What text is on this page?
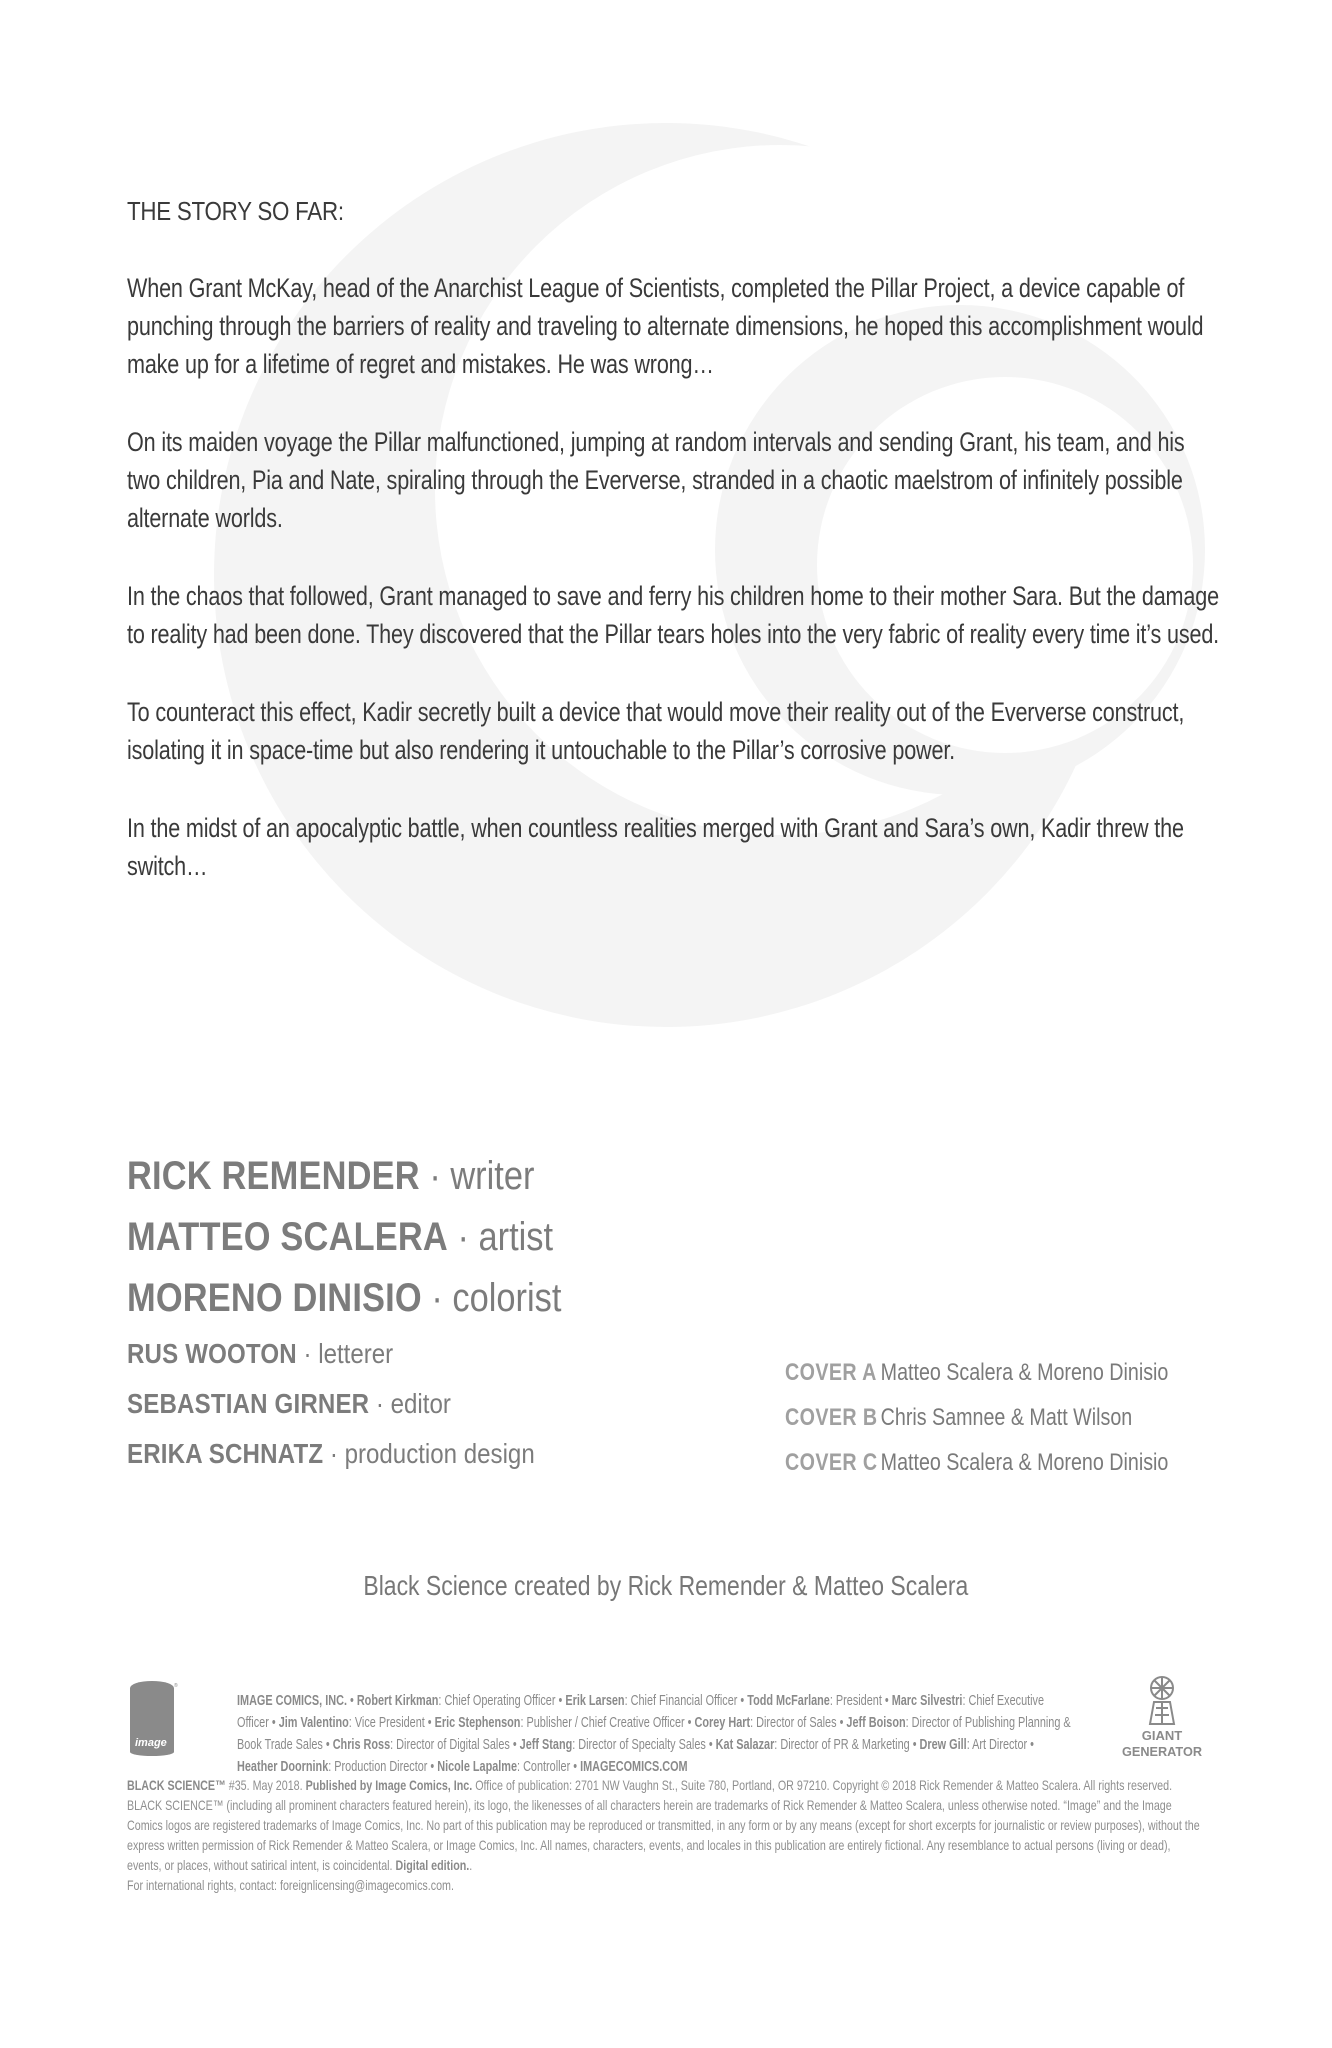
THE STORY SO FAR:

When Grant McKay, head of the Anarchist League of Scientists, completed the Pillar Project, a device capable of punching through the barriers of reality and traveling to alternate dimensions, he hoped this accomplishment would make up for a lifetime of regret and mistakes. He was wrong…

On its maiden voyage the Pillar malfunctioned, jumping at random intervals and sending Grant, his team, and his two children, Pia and Nate, spiraling through the Eververse, stranded in a chaotic maelstrom of infinitely possible alternate worlds.

In the chaos that followed, Grant managed to save and ferry his children home to their mother Sara. But the damage to reality had been done. They discovered that the Pillar tears holes into the very fabric of reality every time it’s used.

To counteract this effect, Kadir secretly built a device that would move their reality out of the Eververse construct, isolating it in space-time but also rendering it untouchable to the Pillar’s corrosive power.

In the midst of an apocalyptic battle, when countless realities merged with Grant and Sara’s own, Kadir threw the switch…

RICK REMENDER · writer
MATTEO SCALERA · artist
MORENO DINISIO · colorist
RUS WOOTON · letterer
SEBASTIAN GIRNER · editor
ERIKA SCHNATZ · production design
COVER A Matteo Scalera & Moreno Dinisio
COVER B Chris Samnee & Matt Wilson
COVER C Matteo Scalera & Moreno Dinisio
Black Science created by Rick Remender & Matteo Scalera
image
®
IMAGE COMICS, INC. • Robert Kirkman: Chief Operating Officer • Erik Larsen: Chief Financial Officer • Todd McFarlane: President • Marc Silvestri: Chief Executive Officer • Jim Valentino: Vice President • Eric Stephenson: Publisher / Chief Creative Officer • Corey Hart: Director of Sales • Jeff Boison: Director of Publishing Planning & Book Trade Sales • Chris Ross: Director of Digital Sales • Jeff Stang: Director of Specialty Sales • Kat Salazar: Director of PR & Marketing • Drew Gill: Art Director • Heather Doornink: Production Director • Nicole Lapalme: Controller • IMAGECOMICS.COM
GIANT
GENERATOR
BLACK SCIENCE™ #35. May 2018. Published by Image Comics, Inc. Office of publication: 2701 NW Vaughn St., Suite 780, Portland, OR 97210. Copyright © 2018 Rick Remender & Matteo Scalera. All rights reserved. BLACK SCIENCE™ (including all prominent characters featured herein), its logo, the likenesses of all characters herein are trademarks of Rick Remender & Matteo Scalera, unless otherwise noted. “Image” and the Image Comics logos are registered trademarks of Image Comics, Inc. No part of this publication may be reproduced or transmitted, in any form or by any means (except for short excerpts for journalistic or review purposes), without the express written permission of Rick Remender & Matteo Scalera, or Image Comics, Inc. All names, characters, events, and locales in this publication are entirely fictional. Any resemblance to actual persons (living or dead), events, or places, without satirical intent, is coincidental. Digital edition..
For international rights, contact: foreignlicensing@imagecomics.com.
